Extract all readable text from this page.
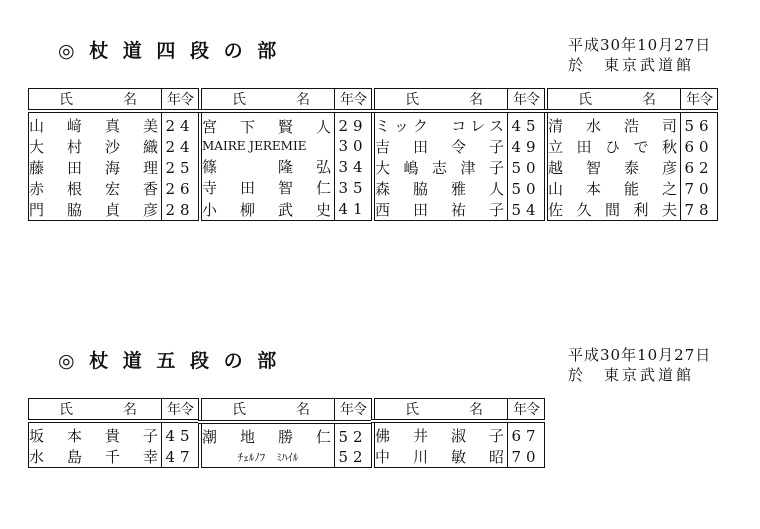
◎ 杖 道 四 段 の 部	平成30年10月27日
於　東京武道館
氏 名	年令
山﨑真美	24
大村沙織	24
藤田海理	25
赤根宏香	26
門脇貞彦	28
氏 名	年令
宮下賢人	29
MAIRE JEREMIE	30
篠　隆弘	34
寺田智仁	35
小柳武史	41
氏 名	年令
ミック　コレス	45
吉田令子	49
大嶋志津子	50
森脇雅人	50
西田祐子	54
氏 名	年令
清水浩司	56
立田ひで秋	60
越智泰彦	62
山本能之	70
佐久間利夫	78
◎ 杖 道 五 段 の 部	平成30年10月27日
於　東京武道館
氏 名	年令
坂本貴子	45
水島千幸	47
氏 名	年令
潮地勝仁	52
ﾁｪﾙﾉﾌ　ﾐﾊｲﾙ	52
氏 名	年令
佛井淑子	67
中川敏昭	70
